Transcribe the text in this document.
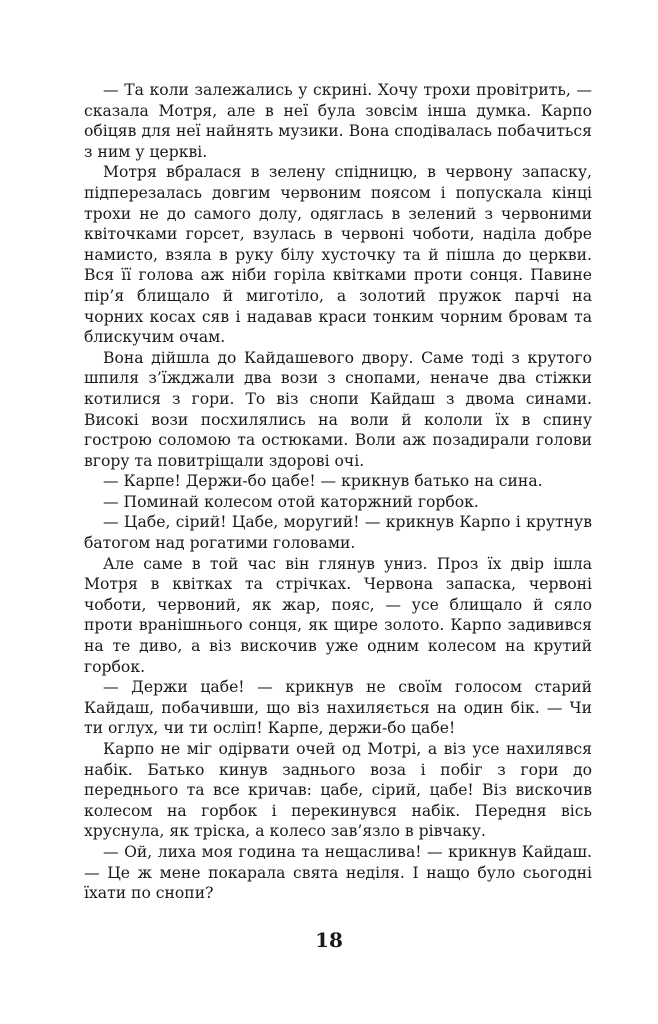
— Та коли залежались у скрині. Хочу трохи провітрить, — сказала Мотря, але в неї була зовсім інша думка. Карпо обіцяв для неї найнять музики. Вона сподівалась побачиться з ним у церкві.

Мотря вбралася в зелену спідницю, в червону запаску, підперезалась довгим червоним поясом і попускала кінці трохи не до самого долу, одяглась в зелений з червоними квіточками горсет, взулась в червоні чоботи, наділа добре намисто, взяла в руку білу хусточку та й пішла до церкви. Вся її голова аж ніби горіла квітками проти сонця. Павине пір’я блищало й миготіло, а золотий пружок парчі на чорних косах сяв і надавав краси тонким чорним бровам та блискучим очам.

Вона дійшла до Кайдашевого двору. Саме тоді з крутого шпиля з’їжджали два вози з снопами, неначе два стіжки котилися з гори. То віз снопи Кайдаш з двома синами. Високі вози посхилялись на воли й кололи їх в спину гострою соломою та остюками. Воли аж позадирали голови вгору та повитріщали здорові очі.

— Карпе! Держи-бо цабе! — крикнув батько на сина.

— Поминай колесом отой каторжний горбок.

— Цабе, сірий! Цабе, моругий! — крикнув Карпо і крутнув батогом над рогатими головами.

Але саме в той час він глянув униз. Проз їх двір ішла Мотря в квітках та стрічках. Червона запаска, червоні чоботи, червоний, як жар, пояс, — усе блищало й сяло проти вранішнього сонця, як щире золото. Карпо задивився на те диво, а віз вискочив уже одним колесом на крутий горбок.

— Держи цабе! — крикнув не своїм голосом старий Кайдаш, побачивши, що віз нахиляється на один бік. — Чи ти оглух, чи ти осліп! Карпе, держи-бо цабе!

Карпо не міг одірвати очей од Мотрі, а віз усе нахилявся набік. Батько кинув заднього воза і побіг з гори до переднього та все кричав: цабе, сірий, цабе! Віз вискочив колесом на горбок і перекинувся набік. Передня вісь хруснула, як тріска, а колесо зав’язло в рівчаку.

— Ой, лиха моя година та нещаслива! — крикнув Кайдаш. — Це ж мене покарала свята неділя. І нащо було сьогодні їхати по снопи?

18
